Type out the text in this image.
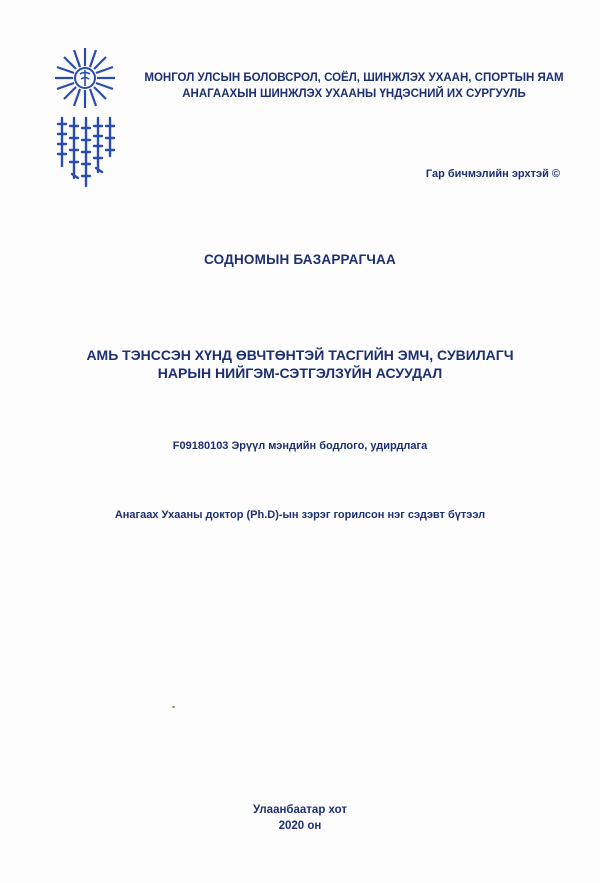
МОНГОЛ УЛСЫН БОЛОВСРОЛ, СОЁЛ, ШИНЖЛЭХ УХААН, СПОРТЫН ЯАМ
АНАГААХЫН ШИНЖЛЭХ УХААНЫ ҮНДЭСНИЙ ИХ СУРГУУЛЬ
Гар бичмэлийн эрхтэй ©
СОДНОМЫН БАЗАРРАГЧАА
АМЬ ТЭНССЭН ХҮНД ӨВЧТӨНТЭЙ ТАСГИЙН ЭМЧ, СУВИЛАГЧ
НАРЫН НИЙГЭМ-СЭТГЭЛЗҮЙН АСУУДАЛ
F09180103 Эрүүл мэндийн бодлого, удирдлага
Анагаах Ухааны доктор (Ph.D)-ын зэрэг горилсон нэг сэдэвт бүтээл
Улаанбаатар хот
2020 он
